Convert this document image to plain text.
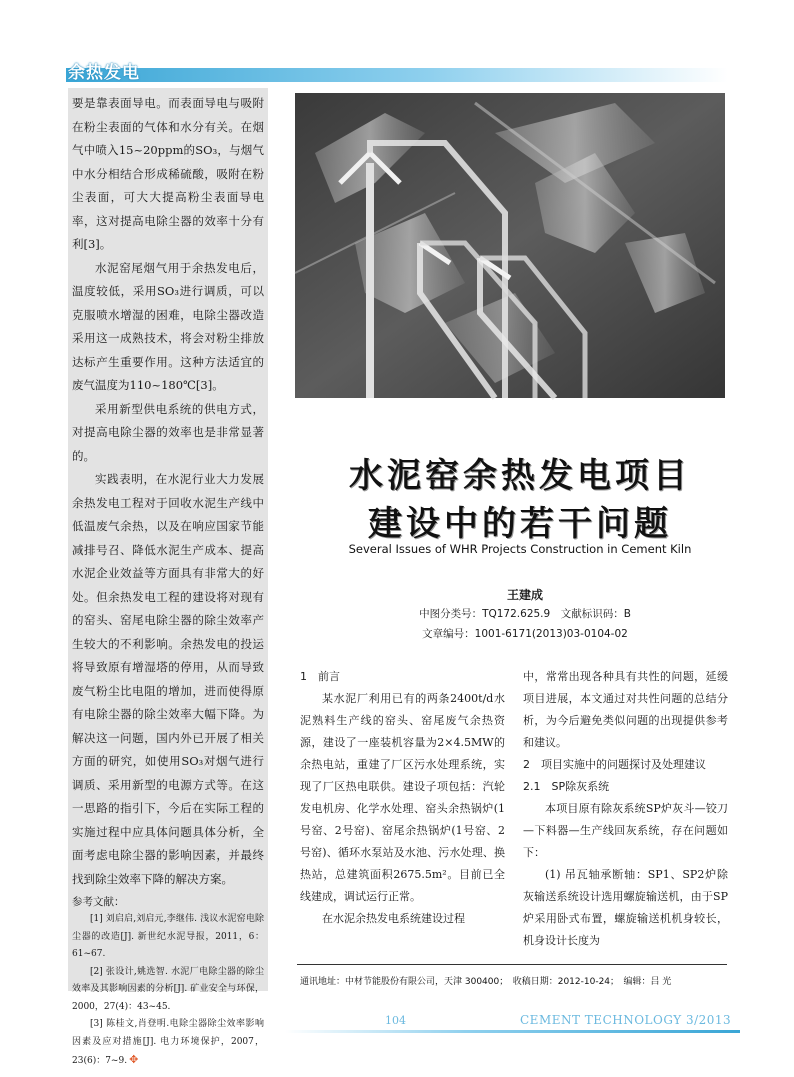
余热发电

要是靠表面导电。而表面导电与吸附在粉尘表面的气体和水分有关。在烟气中喷入15~20ppm的SO₃，与烟气中水分相结合形成稀硫酸，吸附在粉尘表面，可大大提高粉尘表面导电率，这对提高电除尘器的效率十分有利[3]。

水泥窑尾烟气用于余热发电后，温度较低，采用SO₃进行调质，可以克服喷水增湿的困难，电除尘器改造采用这一成熟技术，将会对粉尘排放达标产生重要作用。这种方法适宜的废气温度为110~180℃[3]。

采用新型供电系统的供电方式，对提高电除尘器的效率也是非常显著的。

实践表明，在水泥行业大力发展余热发电工程对于回收水泥生产线中低温废气余热，以及在响应国家节能减排号召、降低水泥生产成本、提高水泥企业效益等方面具有非常大的好处。但余热发电工程的建设将对现有的窑头、窑尾电除尘器的除尘效率产生较大的不利影响。余热发电的投运将导致原有增湿塔的停用，从而导致废气粉尘比电阻的增加，进而使得原有电除尘器的除尘效率大幅下降。为解决这一问题，国内外已开展了相关方面的研究，如使用SO₃对烟气进行调质、采用新型的电源方式等。在这一思路的指引下，今后在实际工程的实施过程中应具体问题具体分析，全面考虑电除尘器的影响因素，并最终找到除尘效率下降的解决方案。

参考文献：

[1] 刘启启,刘启元,李继伟. 浅议水泥窑电除尘器的改造[J]. 新世纪水泥导报，2011，6：61~67.

[2] 张设计,姚选智. 水泥厂电除尘器的除尘效率及其影响因素的分析[J]. 矿业安全与环保，2000，27(4)：43~45.

[3] 陈桂文,肖登明.电除尘器除尘效率影响因素及应对措施[J]. 电力环境保护，2007，23(6)：7~9. ✥

水泥窑余热发电项目
建设中的若干问题
Several Issues of WHR Projects Construction in Cement Kiln
王建成
中图分类号：TQ172.625.9　文献标识码：B
文章编号：1001-6171(2013)03-0104-02

1　前言

某水泥厂利用已有的两条2400t/d水泥熟料生产线的窑头、窑尾废气余热资源，建设了一座装机容量为2×4.5MW的余热电站，重建了厂区污水处理系统，实现了厂区热电联供。建设子项包括：汽轮发电机房、化学水处理、窑头余热锅炉(1号窑、2号窑)、窑尾余热锅炉(1号窑、2号窑)、循环水泵站及水池、污水处理、换热站，总建筑面积2675.5m²。目前已全线建成，调试运行正常。

在水泥余热发电系统建设过程

中，常常出现各种具有共性的问题，延缓项目进展，本文通过对共性问题的总结分析，为今后避免类似问题的出现提供参考和建议。

2　项目实施中的问题探讨及处理建议

2.1　SP除灰系统

本项目原有除灰系统SP炉灰斗—铰刀—下料器—生产线回灰系统，存在问题如下：

(1) 吊瓦轴承断轴：SP1、SP2炉除灰输送系统设计选用螺旋输送机，由于SP炉采用卧式布置，螺旋输送机机身较长，机身设计长度为

通讯地址：中材节能股份有限公司，天津 300400；　收稿日期：2012-10-24；　编辑：吕 光
104	CEMENT TECHNOLOGY 3/2013
